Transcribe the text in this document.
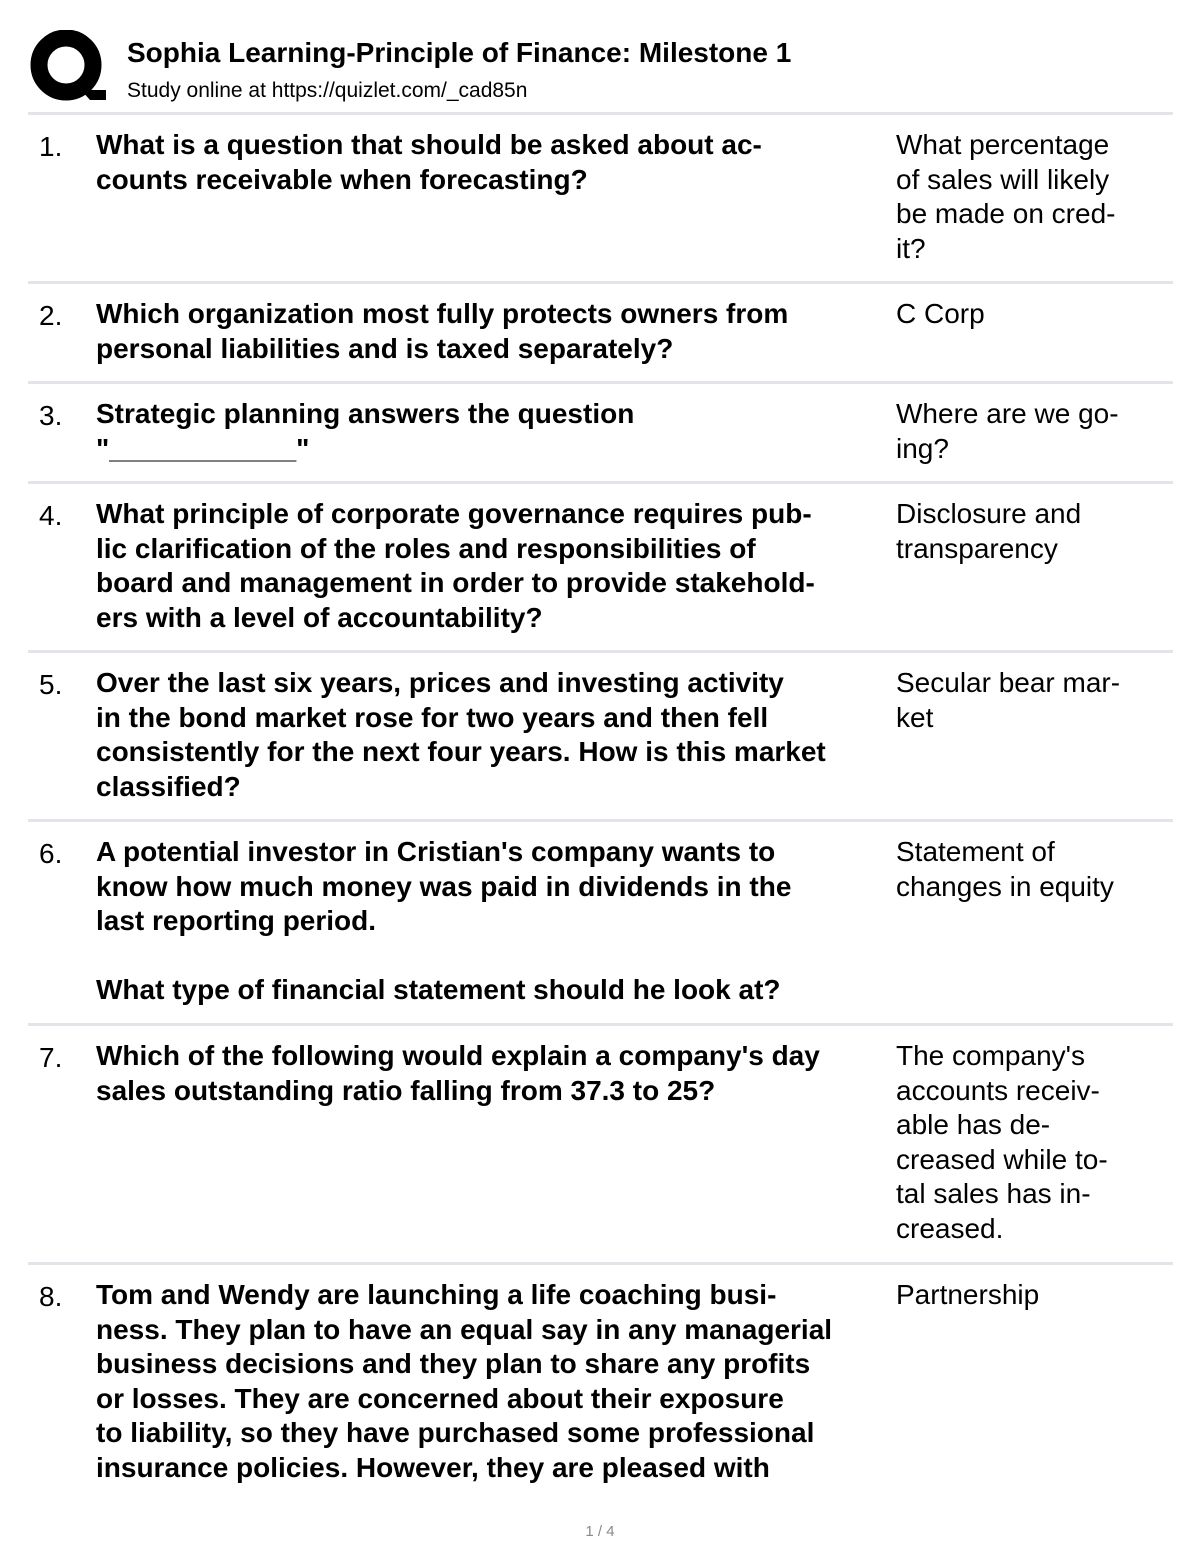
Sophia Learning-Principle of Finance: Milestone 1
Study online at https://quizlet.com/_cad85n
1. What is a question that should be asked about ac-
counts receivable when forecasting?
What percentage
of sales will likely
be made on cred-
it?
2. Which organization most fully protects owners from
personal liabilities and is taxed separately?
C Corp
3. Strategic planning answers the question
"____________"
Where are we go-
ing?
4. What principle of corporate governance requires pub-
lic clarification of the roles and responsibilities of
board and management in order to provide stakehold-
ers with a level of accountability?
Disclosure and
transparency
5. Over the last six years, prices and investing activity
in the bond market rose for two years and then fell
consistently for the next four years. How is this market
classified?
Secular bear mar-
ket
6. A potential investor in Cristian's company wants to
know how much money was paid in dividends in the
last reporting period.

What type of financial statement should he look at?
Statement of
changes in equity
7. Which of the following would explain a company's day
sales outstanding ratio falling from 37.3 to 25?
The company's
accounts receiv-
able has de-
creased while to-
tal sales has in-
creased.
8. Tom and Wendy are launching a life coaching busi-
ness. They plan to have an equal say in any managerial
business decisions and they plan to share any profits
or losses. They are concerned about their exposure
to liability, so they have purchased some professional
insurance policies. However, they are pleased with
Partnership
1 / 4
